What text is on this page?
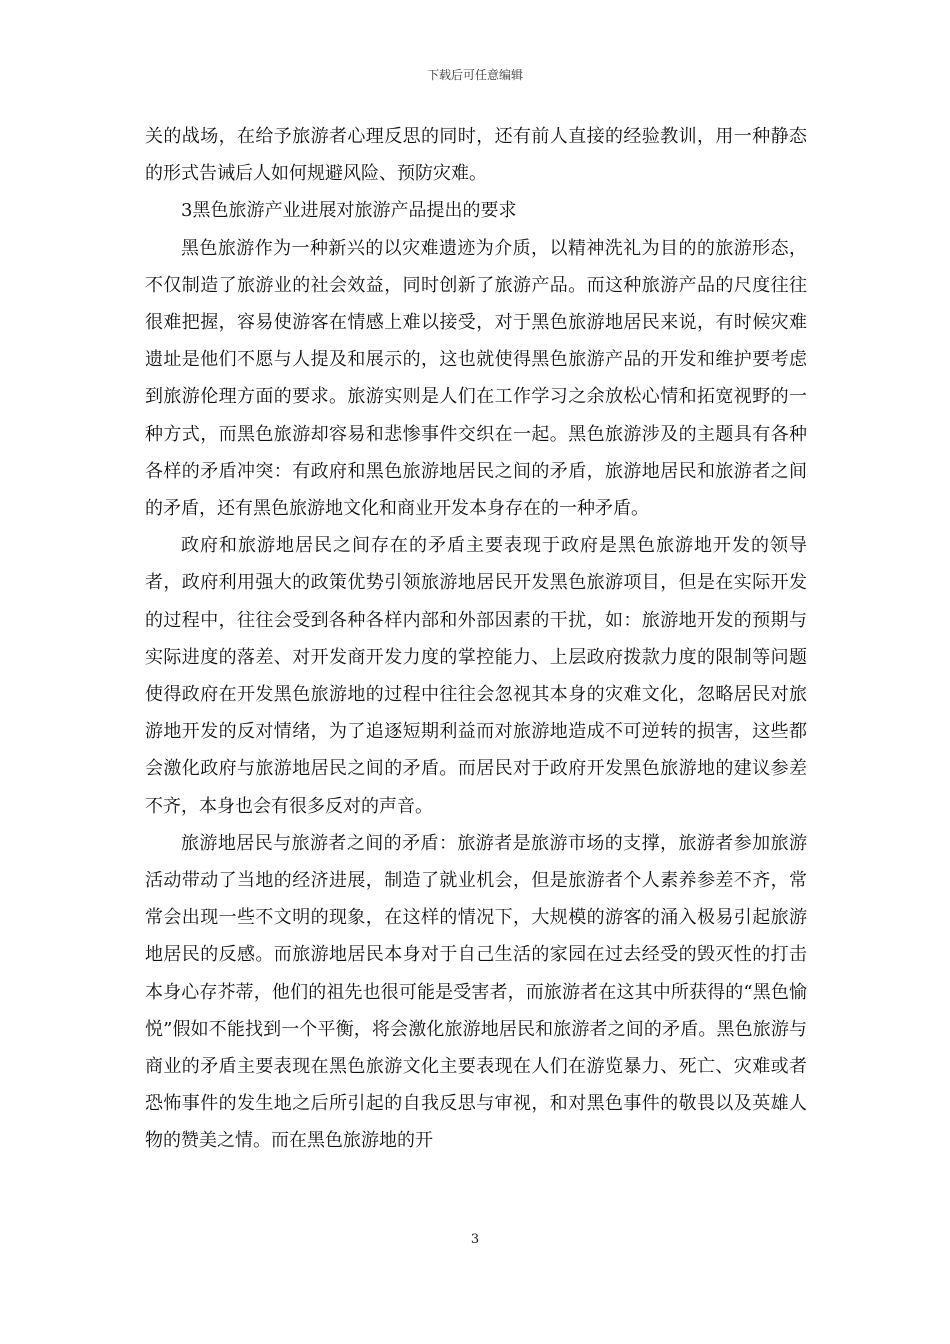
下载后可任意编辑

关的战场，在给予旅游者心理反思的同时，还有前人直接的经验教训，用一种静态的形式告诫后人如何规避风险、预防灾难。

3黑色旅游产业进展对旅游产品提出的要求

黑色旅游作为一种新兴的以灾难遗迹为介质，以精神洗礼为目的的旅游形态，不仅制造了旅游业的社会效益，同时创新了旅游产品。而这种旅游产品的尺度往往很难把握，容易使游客在情感上难以接受，对于黑色旅游地居民来说，有时候灾难遗址是他们不愿与人提及和展示的，这也就使得黑色旅游产品的开发和维护要考虑到旅游伦理方面的要求。旅游实则是人们在工作学习之余放松心情和拓宽视野的一种方式，而黑色旅游却容易和悲惨事件交织在一起。黑色旅游涉及的主题具有各种各样的矛盾冲突：有政府和黑色旅游地居民之间的矛盾，旅游地居民和旅游者之间的矛盾，还有黑色旅游地文化和商业开发本身存在的一种矛盾。

政府和旅游地居民之间存在的矛盾主要表现于政府是黑色旅游地开发的领导者，政府利用强大的政策优势引领旅游地居民开发黑色旅游项目，但是在实际开发的过程中，往往会受到各种各样内部和外部因素的干扰，如：旅游地开发的预期与实际进度的落差、对开发商开发力度的掌控能力、上层政府拨款力度的限制等问题使得政府在开发黑色旅游地的过程中往往会忽视其本身的灾难文化，忽略居民对旅游地开发的反对情绪，为了追逐短期利益而对旅游地造成不可逆转的损害，这些都会激化政府与旅游地居民之间的矛盾。而居民对于政府开发黑色旅游地的建议参差不齐，本身也会有很多反对的声音。

旅游地居民与旅游者之间的矛盾：旅游者是旅游市场的支撑，旅游者参加旅游活动带动了当地的经济进展，制造了就业机会，但是旅游者个人素养参差不齐，常常会出现一些不文明的现象，在这样的情况下，大规模的游客的涌入极易引起旅游地居民的反感。而旅游地居民本身对于自己生活的家园在过去经受的毁灭性的打击本身心存芥蒂，他们的祖先也很可能是受害者，而旅游者在这其中所获得的“黑色愉悦”假如不能找到一个平衡，将会激化旅游地居民和旅游者之间的矛盾。黑色旅游与商业的矛盾主要表现在黑色旅游文化主要表现在人们在游览暴力、死亡、灾难或者恐怖事件的发生地之后所引起的自我反思与审视，和对黑色事件的敬畏以及英雄人物的赞美之情。而在黑色旅游地的开

3
